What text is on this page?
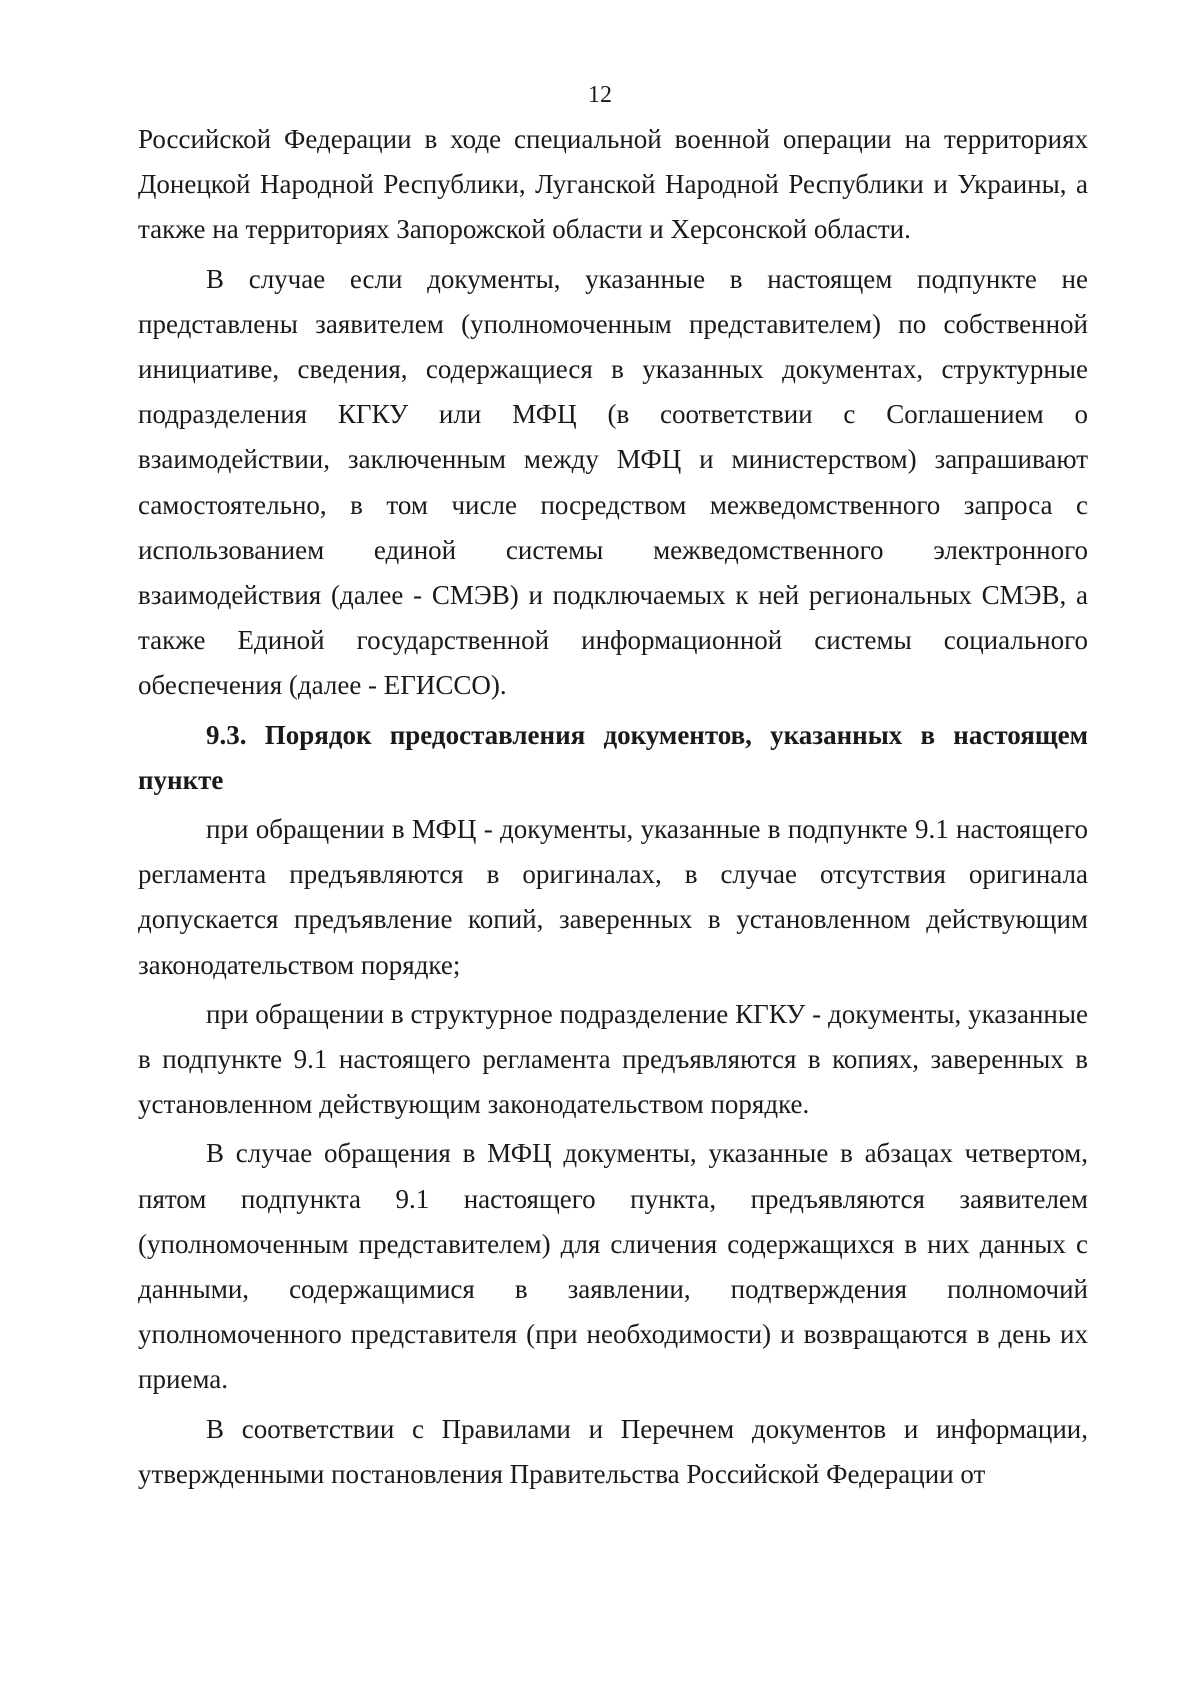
12

Российской Федерации в ходе специальной военной операции на территориях Донецкой Народной Республики, Луганской Народной Республики и Украины, а также на территориях Запорожской области и Херсонской области.

В случае если документы, указанные в настоящем подпункте не представлены заявителем (уполномоченным представителем) по собственной инициативе, сведения, содержащиеся в указанных документах, структурные подразделения КГКУ или МФЦ (в соответствии с Соглашением о взаимодействии, заключенным между МФЦ и министерством) запрашивают самостоятельно, в том числе посредством межведомственного запроса с использованием единой системы межведомственного электронного взаимодействия (далее - СМЭВ) и подключаемых к ней региональных СМЭВ, а также Единой государственной информационной системы социального обеспечения (далее - ЕГИССО).

9.3. Порядок предоставления документов, указанных в настоящем пункте

при обращении в МФЦ - документы, указанные в подпункте 9.1 настоящего регламента предъявляются в оригиналах, в случае отсутствия оригинала допускается предъявление копий, заверенных в установленном действующим законодательством порядке;

при обращении в структурное подразделение КГКУ - документы, указанные в подпункте 9.1 настоящего регламента предъявляются в копиях, заверенных в установленном действующим законодательством порядке.

В случае обращения в МФЦ документы, указанные в абзацах четвертом, пятом подпункта 9.1 настоящего пункта, предъявляются заявителем (уполномоченным представителем) для сличения содержащихся в них данных с данными, содержащимися в заявлении, подтверждения полномочий уполномоченного представителя (при необходимости) и возвращаются в день их приема.

В соответствии с Правилами и Перечнем документов и информации, утвержденными постановления Правительства Российской Федерации от
